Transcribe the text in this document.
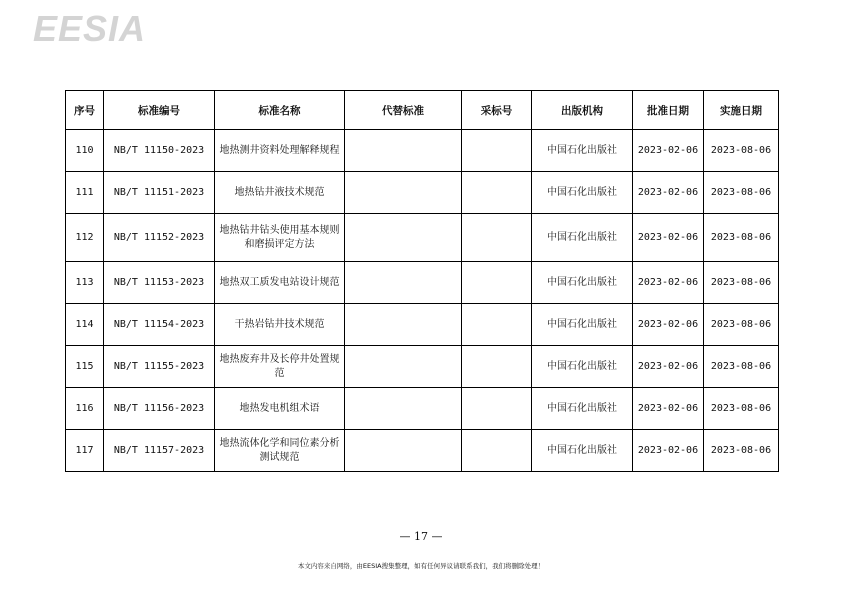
EESIA
序号	标准编号	标准名称	代替标准	采标号	出版机构	批准日期	实施日期
110	NB/T 11150-2023	地热测井资料处理解释规程			中国石化出版社	2023-02-06	2023-08-06
111	NB/T 11151-2023	地热钻井液技术规范			中国石化出版社	2023-02-06	2023-08-06
112	NB/T 11152-2023	地热钻井钻头使用基本规则和磨损评定方法			中国石化出版社	2023-02-06	2023-08-06
113	NB/T 11153-2023	地热双工质发电站设计规范			中国石化出版社	2023-02-06	2023-08-06
114	NB/T 11154-2023	干热岩钻井技术规范			中国石化出版社	2023-02-06	2023-08-06
115	NB/T 11155-2023	地热废弃井及长停井处置规范			中国石化出版社	2023-02-06	2023-08-06
116	NB/T 11156-2023	地热发电机组术语			中国石化出版社	2023-02-06	2023-08-06
117	NB/T 11157-2023	地热流体化学和同位素分析测试规范			中国石化出版社	2023-02-06	2023-08-06
— 17 —
本文内容来自网络，由EESIA搜集整理，如有任何异议请联系我们，我们将删除处理！
